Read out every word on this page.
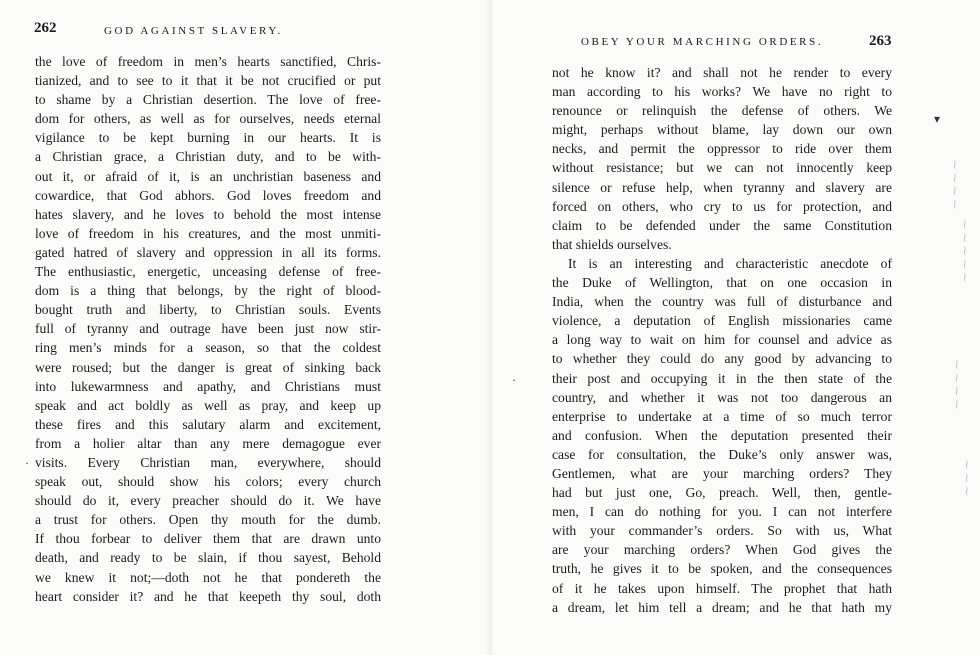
262	GOD AGAINST SLAVERY.
the love of freedom in men’s hearts sanctified, Chris-
tianized, and to see to it that it be not crucified or put
to shame by a Christian desertion. The love of free-
dom for others, as well as for ourselves, needs eternal
vigilance to be kept burning in our hearts. It is
a Christian grace, a Christian duty, and to be with-
out it, or afraid of it, is an unchristian baseness and
cowardice, that God abhors. God loves freedom and
hates slavery, and he loves to behold the most intense
love of freedom in his creatures, and the most unmiti-
gated hatred of slavery and oppression in all its forms.
The enthusiastic, energetic, unceasing defense of free-
dom is a thing that belongs, by the right of blood-
bought truth and liberty, to Christian souls. Events
full of tyranny and outrage have been just now stir-
ring men’s minds for a season, so that the coldest
were roused; but the danger is great of sinking back
into lukewarmness and apathy, and Christians must
speak and act boldly as well as pray, and keep up
these fires and this salutary alarm and excitement,
from a holier altar than any mere demagogue ever
visits. Every Christian man, everywhere, should
speak out, should show his colors; every church
should do it, every preacher should do it. We have
a trust for others. Open thy mouth for the dumb.
If thou forbear to deliver them that are drawn unto
death, and ready to be slain, if thou sayest, Behold
we knew it not;—doth not he that pondereth the
heart consider it? and he that keepeth thy soul, doth
·
OBEY YOUR MARCHING ORDERS.	263
not he know it? and shall not he render to every
man according to his works? We have no right to
renounce or relinquish the defense of others. We
might, perhaps without blame, lay down our own
necks, and permit the oppressor to ride over them
without resistance; but we can not innocently keep
silence or refuse help, when tyranny and slavery are
forced on others, who cry to us for protection, and
claim to be defended under the same Constitution
that shields ourselves.
It is an interesting and characteristic anecdote of
the Duke of Wellington, that on one occasion in
India, when the country was full of disturbance and
violence, a deputation of English missionaries came
a long way to wait on him for counsel and advice as
to whether they could do any good by advancing to
their post and occupying it in the then state of the
country, and whether it was not too dangerous an
enterprise to undertake at a time of so much terror
and confusion. When the deputation presented their
case for consultation, the Duke’s only answer was,
Gentlemen, what are your marching orders? They
had but just one, Go, preach. Well, then, gentle-
men, I can do nothing for you. I can not interfere
with your commander’s orders. So with us, What
are your marching orders? When God gives the
truth, he gives it to be spoken, and the consequences
of it he takes upon himself. The prophet that hath
a dream, let him tell a dream; and he that hath my
·
▾
⁓ ⁓ ⁓ ⁓
⁓ ⁓ ⁓ ⁓ ⁓
⁓ ⁓ ⁓ ⁓
⁓ ⁓ ⁓
